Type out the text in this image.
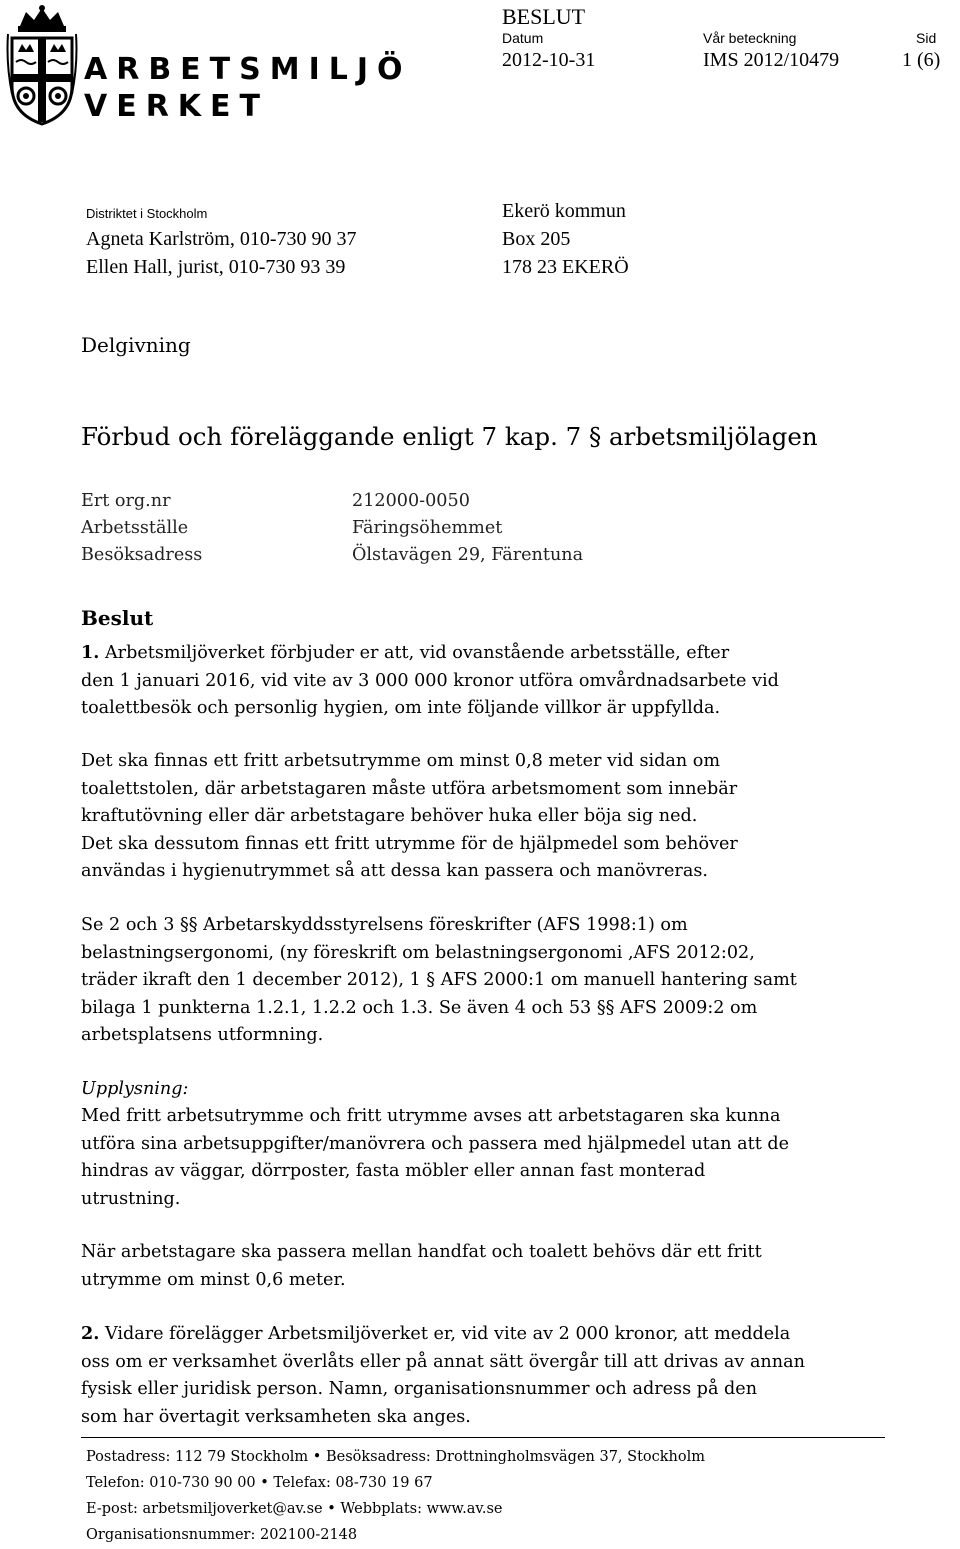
ARBETSMILJÖ
VERKET
BESLUT
Datum	Vår beteckning	Sid
2012-10-31	IMS 2012/10479	1 (6)
Distriktet i Stockholm
Agneta Karlström, 010-730 90 37
Ellen Hall, jurist, 010-730 93 39
Ekerö kommun
Box 205
178 23 EKERÖ
Delgivning
Förbud och föreläggande enligt 7 kap. 7 § arbetsmiljölagen
Ert org.nr	212000-0050
Arbetsställe	Färingsöhemmet
Besöksadress	Ölstavägen 29, Färentuna
Beslut
1. Arbetsmiljöverket förbjuder er att, vid ovanstående arbetsställe, efter
den 1 januari 2016, vid vite av 3 000 000 kronor utföra omvårdnadsarbete vid
toalettbesök och personlig hygien, om inte följande villkor är uppfyllda.
Det ska finnas ett fritt arbetsutrymme om minst 0,8 meter vid sidan om
toalettstolen, där arbetstagaren måste utföra arbetsmoment som innebär
kraftutövning eller där arbetstagare behöver huka eller böja sig ned.
Det ska dessutom finnas ett fritt utrymme för de hjälpmedel som behöver
användas i hygienutrymmet så att dessa kan passera och manövreras.
Se 2 och 3 §§ Arbetarskyddsstyrelsens föreskrifter (AFS 1998:1) om
belastningsergonomi, (ny föreskrift om belastningsergonomi ,AFS 2012:02,
träder ikraft den 1 december 2012), 1 § AFS 2000:1 om manuell hantering samt
bilaga 1 punkterna 1.2.1, 1.2.2 och 1.3. Se även 4 och 53 §§ AFS 2009:2 om
arbetsplatsens utformning.
Upplysning:
Med fritt arbetsutrymme och fritt utrymme avses att arbetstagaren ska kunna
utföra sina arbetsuppgifter/manövrera och passera med hjälpmedel utan att de
hindras av väggar, dörrposter, fasta möbler eller annan fast monterad
utrustning.
När arbetstagare ska passera mellan handfat och toalett behövs där ett fritt
utrymme om minst 0,6 meter.
2. Vidare förelägger Arbetsmiljöverket er, vid vite av 2 000 kronor, att meddela
oss om er verksamhet överlåts eller på annat sätt övergår till att drivas av annan
fysisk eller juridisk person. Namn, organisationsnummer och adress på den
som har övertagit verksamheten ska anges.
Postadress: 112 79 Stockholm • Besöksadress: Drottningholmsvägen 37, Stockholm
Telefon: 010-730 90 00 • Telefax: 08-730 19 67
E-post: arbetsmiljoverket@av.se • Webbplats: www.av.se
Organisationsnummer: 202100-2148
